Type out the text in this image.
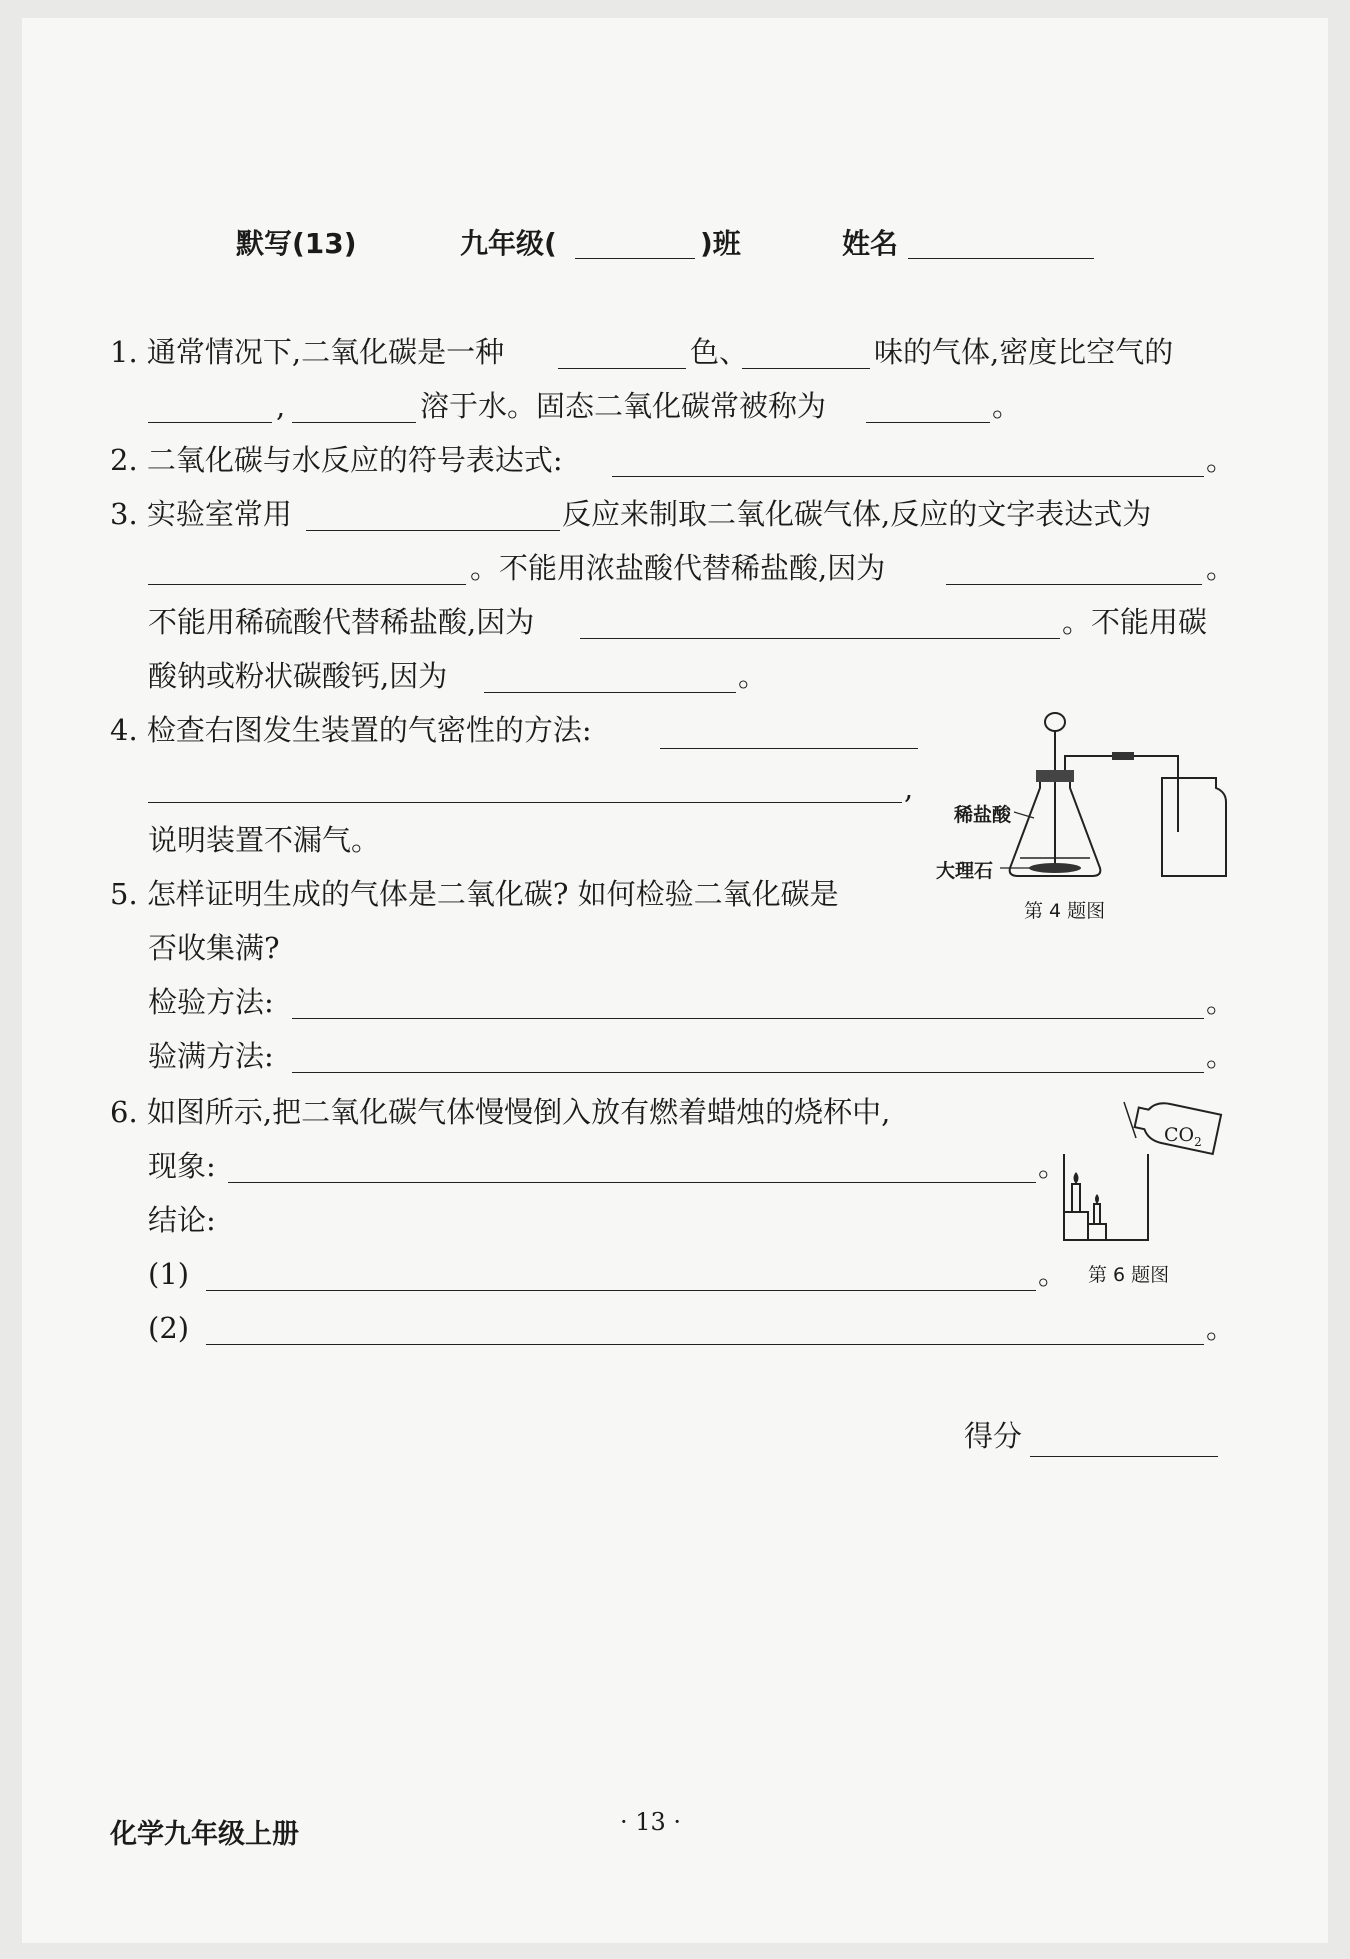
默写(13)	九年级(	)班	姓名
1. 通常情况下,二氧化碳是一种	色、	味的气体,密度比空气的
,	溶于水。固态二氧化碳常被称为	。
2. 二氧化碳与水反应的符号表达式:	。
3. 实验室常用	反应来制取二氧化碳气体,反应的文字表达式为
。不能用浓盐酸代替稀盐酸,因为	。
不能用稀硫酸代替稀盐酸,因为	。不能用碳
酸钠或粉状碳酸钙,因为	。
4. 检查右图发生装置的气密性的方法:
,
说明装置不漏气。
稀盐酸
大理石
第 4 题图
5. 怎样证明生成的气体是二氧化碳? 如何检验二氧化碳是
否收集满?
检验方法:	。
验满方法:	。
6. 如图所示,把二氧化碳气体慢慢倒入放有燃着蜡烛的烧杯中,
现象:	。
结论:
(1)	。
(2)	。
$CO_2$
第 6 题图
得分
化学九年级上册	· 13 ·
